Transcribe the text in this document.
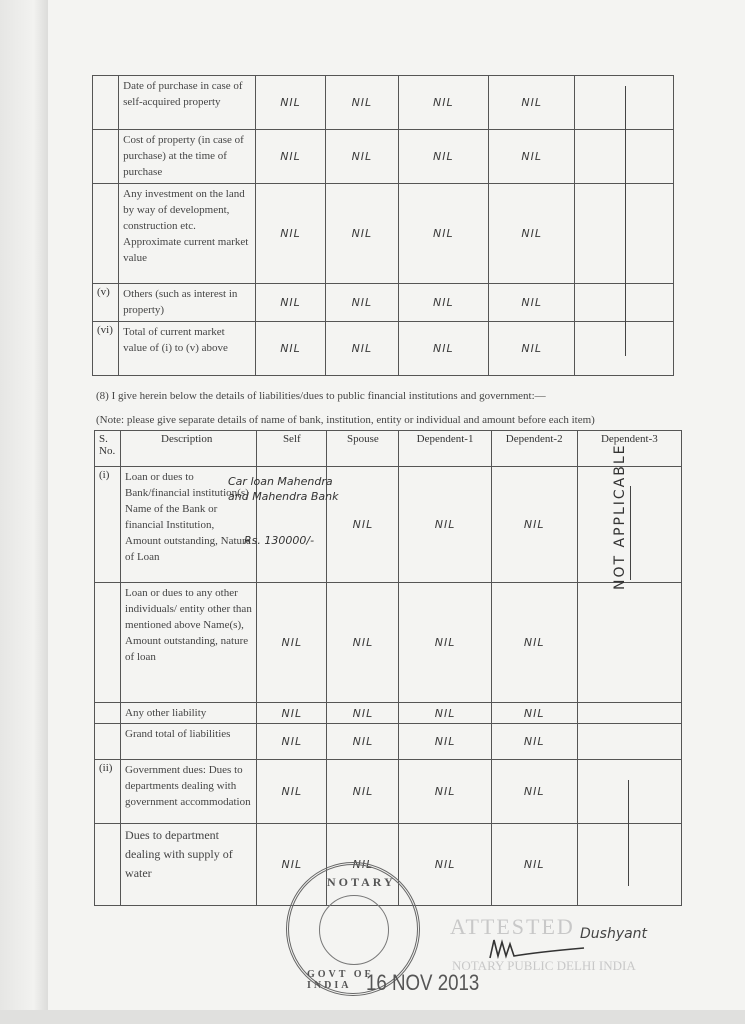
	Date of purchase in case of self-acquired property	NIL	NIL	NIL	NIL	
	Cost of property (in case of purchase) at the time of purchase	NIL	NIL	NIL	NIL	
	Any investment on the land by way of development, construction etc. Approximate current market value	NIL	NIL	NIL	NIL	
(v)	Others (such as interest in property)	NIL	NIL	NIL	NIL	
(vi)	Total of current market value of (i) to (v) above	NIL	NIL	NIL	NIL	
(8) I give herein below the details of liabilities/dues to public financial institutions and government:—
(Note: please give separate details of name of bank, institution, entity or individual and amount before each item)
S. No.	Description	Self	Spouse	Dependent-1	Dependent-2	Dependent-3
(i)	Loan or dues to Bank/financial institution(s) Name of the Bank or financial Institution, Amount outstanding, Nature of Loan		NIL	NIL	NIL	
	Loan or dues to any other individuals/ entity other than mentioned above Name(s), Amount outstanding, nature of loan	NIL	NIL	NIL	NIL	
	Any other liability	NIL	NIL	NIL	NIL	
	Grand total of liabilities	NIL	NIL	NIL	NIL	
(ii)	Government dues: Dues to departments dealing with government accommodation	NIL	NIL	NIL	NIL	
	Dues to department dealing with supply of water	NIL	NIL	NIL	NIL	
Car loan Mahendra and Mahendra Bank
Rs. 130000/-	NOT APPLICABLE
NOTARY
GOVT OF INDIA
ATTESTED
NOTARY PUBLIC DELHI INDIA
16 NOV 2013
Dushyant
